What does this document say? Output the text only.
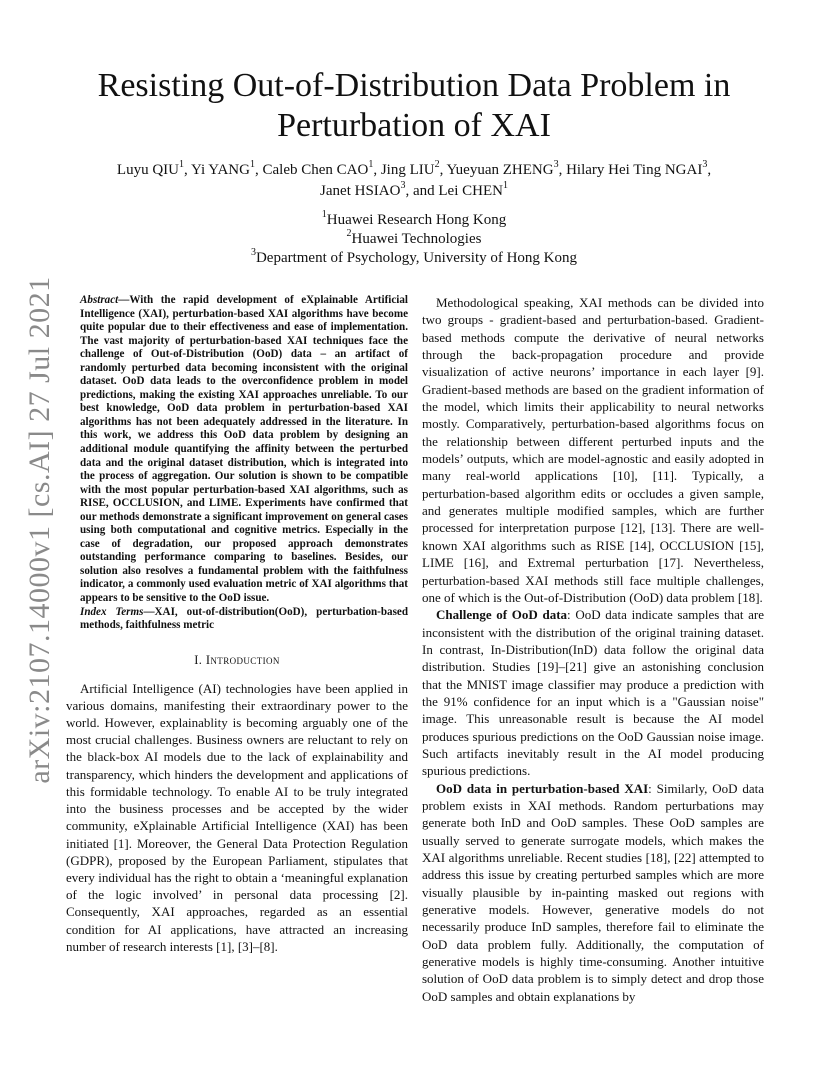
arXiv:2107.14000v1 [cs.AI] 27 Jul 2021
Resisting Out-of-Distribution Data Problem in Perturbation of XAI
Luyu QIU$^1$, Yi YANG$^1$, Caleb Chen CAO$^1$, Jing LIU$^2$, Yueyuan ZHENG$^3$, Hilary Hei Ting NGAI$^3$,
Janet HSIAO$^3$, and Lei CHEN$^1$
$^1$Huawei Research Hong Kong
$^2$Huawei Technologies
$^3$Department of Psychology, University of Hong Kong

Abstract—With the rapid development of eXplainable Artificial Intelligence (XAI), perturbation-based XAI algorithms have become quite popular due to their effectiveness and ease of implementation. The vast majority of perturbation-based XAI techniques face the challenge of Out-of-Distribution (OoD) data – an artifact of randomly perturbed data becoming inconsistent with the original dataset. OoD data leads to the overconfidence problem in model predictions, making the existing XAI approaches unreliable. To our best knowledge, OoD data problem in perturbation-based XAI algorithms has not been adequately addressed in the literature. In this work, we address this OoD data problem by designing an additional module quantifying the affinity between the perturbed data and the original dataset distribution, which is integrated into the process of aggregation. Our solution is shown to be compatible with the most popular perturbation-based XAI algorithms, such as RISE, OCCLUSION, and LIME. Experiments have confirmed that our methods demonstrate a significant improvement on general cases using both computational and cognitive metrics. Especially in the case of degradation, our proposed approach demonstrates outstanding performance comparing to baselines. Besides, our solution also resolves a fundamental problem with the faithfulness indicator, a commonly used evaluation metric of XAI algorithms that appears to be sensitive to the OoD issue.

Index Terms—XAI, out-of-distribution(OoD), perturbation-based methods, faithfulness metric

I. Introduction

Artificial Intelligence (AI) technologies have been applied in various domains, manifesting their extraordinary power to the world. However, explainablity is becoming arguably one of the most crucial challenges. Business owners are reluctant to rely on the black-box AI models due to the lack of explainability and transparency, which hinders the development and applications of this formidable technology. To enable AI to be truly integrated into the business processes and be accepted by the wider community, eXplainable Artificial Intelligence (XAI) has been initiated [1]. Moreover, the General Data Protection Regulation (GDPR), proposed by the European Parliament, stipulates that every individual has the right to obtain a ‘meaningful explanation of the logic involved’ in personal data processing [2]. Consequently, XAI approaches, regarded as an essential condition for AI applications, have attracted an increasing number of research interests [1], [3]–[8].

Methodological speaking, XAI methods can be divided into two groups - gradient-based and perturbation-based. Gradient-based methods compute the derivative of neural networks through the back-propagation procedure and provide visualization of active neurons’ importance in each layer [9]. Gradient-based methods are based on the gradient information of the model, which limits their applicability to neural networks mostly. Comparatively, perturbation-based algorithms focus on the relationship between different perturbed inputs and the models’ outputs, which are model-agnostic and easily adopted in many real-world applications [10], [11]. Typically, a perturbation-based algorithm edits or occludes a given sample, and generates multiple modified samples, which are further processed for interpretation purpose [12], [13]. There are well-known XAI algorithms such as RISE [14], OCCLUSION [15], LIME [16], and Extremal perturbation [17]. Nevertheless, perturbation-based XAI methods still face multiple challenges, one of which is the Out-of-Distribution (OoD) data problem [18].

Challenge of OoD data: OoD data indicate samples that are inconsistent with the distribution of the original training dataset. In contrast, In-Distribution(InD) data follow the original data distribution. Studies [19]–[21] give an astonishing conclusion that the MNIST image classifier may produce a prediction with the 91% confidence for an input which is a "Gaussian noise" image. This unreasonable result is because the AI model produces spurious predictions on the OoD Gaussian noise image. Such artifacts inevitably result in the AI model producing spurious predictions.

OoD data in perturbation-based XAI: Similarly, OoD data problem exists in XAI methods. Random perturbations may generate both InD and OoD samples. These OoD samples are usually served to generate surrogate models, which makes the XAI algorithms unreliable. Recent studies [18], [22] attempted to address this issue by creating perturbed samples which are more visually plausible by in-painting masked out regions with generative models. However, generative models do not necessarily produce InD samples, therefore fail to eliminate the OoD data problem fully. Additionally, the computation of generative models is highly time-consuming. Another intuitive solution of OoD data problem is to simply detect and drop those OoD samples and obtain explanations by
